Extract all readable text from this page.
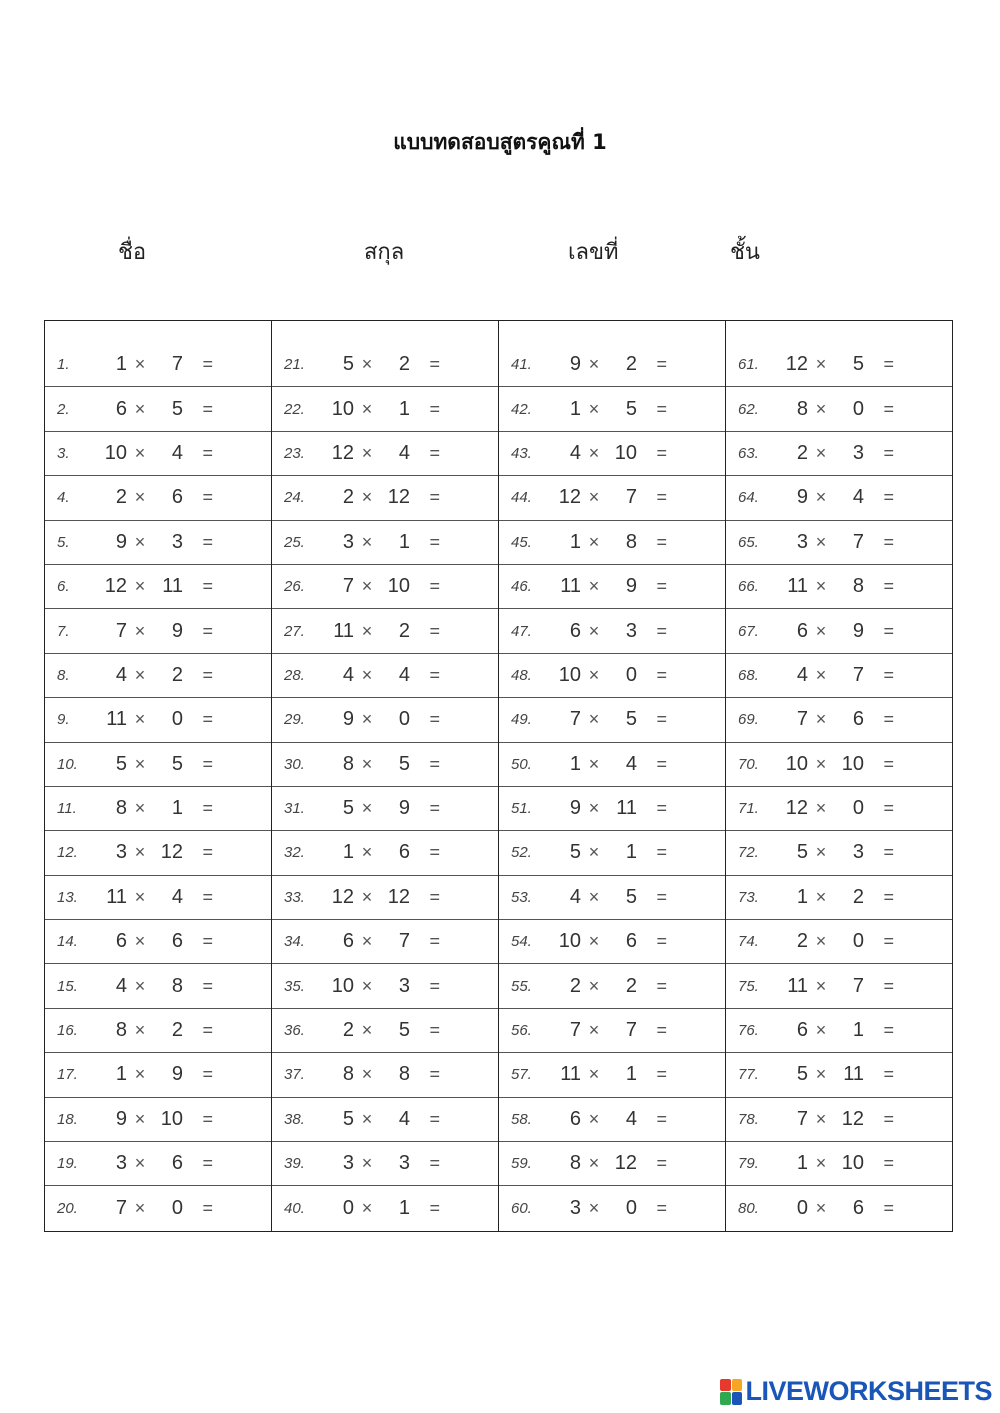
แบบทดสอบสูตรคูณที่ 1
ชื่อ	สกุล	เลขที่	ชั้น
1.	1 ×	7	=
2.	6 ×	5	=
3.	10 ×	4	=
4.	2 ×	6	=
5.	9 ×	3	=
6.	12 × 11	=
7.	7 ×	9	=
8.	4 ×	2	=
9.	11 ×	0	=
10.	5 ×	5	=
11.	8 ×	1	=
12.	3 × 12	=
13.	11 ×	4	=
14.	6 ×	6	=
15.	4 ×	8	=
16.	8 ×	2	=
17.	1 ×	9	=
18.	9 × 10	=
19.	3 ×	6	=
20.	7 ×	0	=
21.	5 ×	2	=
22.	10 ×	1	=
23.	12 ×	4	=
24.	2 × 12	=
25.	3 ×	1	=
26.	7 × 10	=
27.	11 ×	2	=
28.	4 ×	4	=
29.	9 ×	0	=
30.	8 ×	5	=
31.	5 ×	9	=
32.	1 ×	6	=
33.	12 × 12	=
34.	6 ×	7	=
35.	10 ×	3	=
36.	2 ×	5	=
37.	8 ×	8	=
38.	5 ×	4	=
39.	3 ×	3	=
40.	0 ×	1	=
41.	9 ×	2	=
42.	1 ×	5	=
43.	4 × 10	=
44.	12 ×	7	=
45.	1 ×	8	=
46.	11 ×	9	=
47.	6 ×	3	=
48.	10 ×	0	=
49.	7 ×	5	=
50.	1 ×	4	=
51.	9 × 11	=
52.	5 ×	1	=
53.	4 ×	5	=
54.	10 ×	6	=
55.	2 ×	2	=
56.	7 ×	7	=
57.	11 ×	1	=
58.	6 ×	4	=
59.	8 × 12	=
60.	3 ×	0	=
61.	12 ×	5	=
62.	8 ×	0	=
63.	2 ×	3	=
64.	9 ×	4	=
65.	3 ×	7	=
66.	11 ×	8	=
67.	6 ×	9	=
68.	4 ×	7	=
69.	7 ×	6	=
70.	10 × 10	=
71.	12 ×	0	=
72.	5 ×	3	=
73.	1 ×	2	=
74.	2 ×	0	=
75.	11 ×	7	=
76.	6 ×	1	=
77.	5 × 11	=
78.	7 × 12	=
79.	1 × 10	=
80.	0 ×	6	=
LIVEWORKSHEETS
